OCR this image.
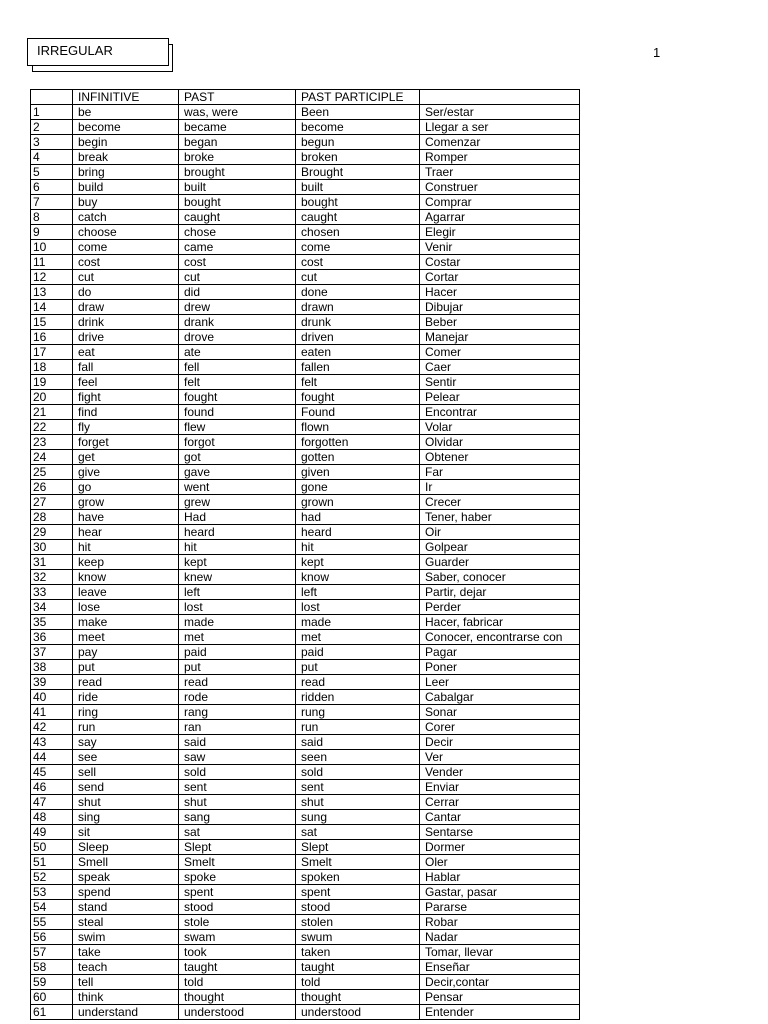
IRREGULAR	1
	INFINITIVE	PAST	PAST PARTICIPLE	
1	be	was, were	Been	Ser/estar
2	become	became	become	Llegar a ser
3	begin	began	begun	Comenzar
4	break	broke	broken	Romper
5	bring	brought	Brought	Traer
6	build	built	built	Construer
7	buy	bought	bought	Comprar
8	catch	caught	caught	Agarrar
9	choose	chose	chosen	Elegir
10	come	came	come	Venir
11	cost	cost	cost	Costar
12	cut	cut	cut	Cortar
13	do	did	done	Hacer
14	draw	drew	drawn	Dibujar
15	drink	drank	drunk	Beber
16	drive	drove	driven	Manejar
17	eat	ate	eaten	Comer
18	fall	fell	fallen	Caer
19	feel	felt	felt	Sentir
20	fight	fought	fought	Pelear
21	find	found	Found	Encontrar
22	fly	flew	flown	Volar
23	forget	forgot	forgotten	Olvidar
24	get	got	gotten	Obtener
25	give	gave	given	Far
26	go	went	gone	Ir
27	grow	grew	grown	Crecer
28	have	Had	had	Tener, haber
29	hear	heard	heard	Oir
30	hit	hit	hit	Golpear
31	keep	kept	kept	Guarder
32	know	knew	know	Saber, conocer
33	leave	left	left	Partir, dejar
34	lose	lost	lost	Perder
35	make	made	made	Hacer, fabricar
36	meet	met	met	Conocer, encontrarse con
37	pay	paid	paid	Pagar
38	put	put	put	Poner
39	read	read	read	Leer
40	ride	rode	ridden	Cabalgar
41	ring	rang	rung	Sonar
42	run	ran	run	Corer
43	say	said	said	Decir
44	see	saw	seen	Ver
45	sell	sold	sold	Vender
46	send	sent	sent	Enviar
47	shut	shut	shut	Cerrar
48	sing	sang	sung	Cantar
49	sit	sat	sat	Sentarse
50	Sleep	Slept	Slept	Dormer
51	Smell	Smelt	Smelt	Oler
52	speak	spoke	spoken	Hablar
53	spend	spent	spent	Gastar, pasar
54	stand	stood	stood	Pararse
55	steal	stole	stolen	Robar
56	swim	swam	swum	Nadar
57	take	took	taken	Tomar, llevar
58	teach	taught	taught	Enseñar
59	tell	told	told	Decir,contar
60	think	thought	thought	Pensar
61	understand	understood	understood	Entender
